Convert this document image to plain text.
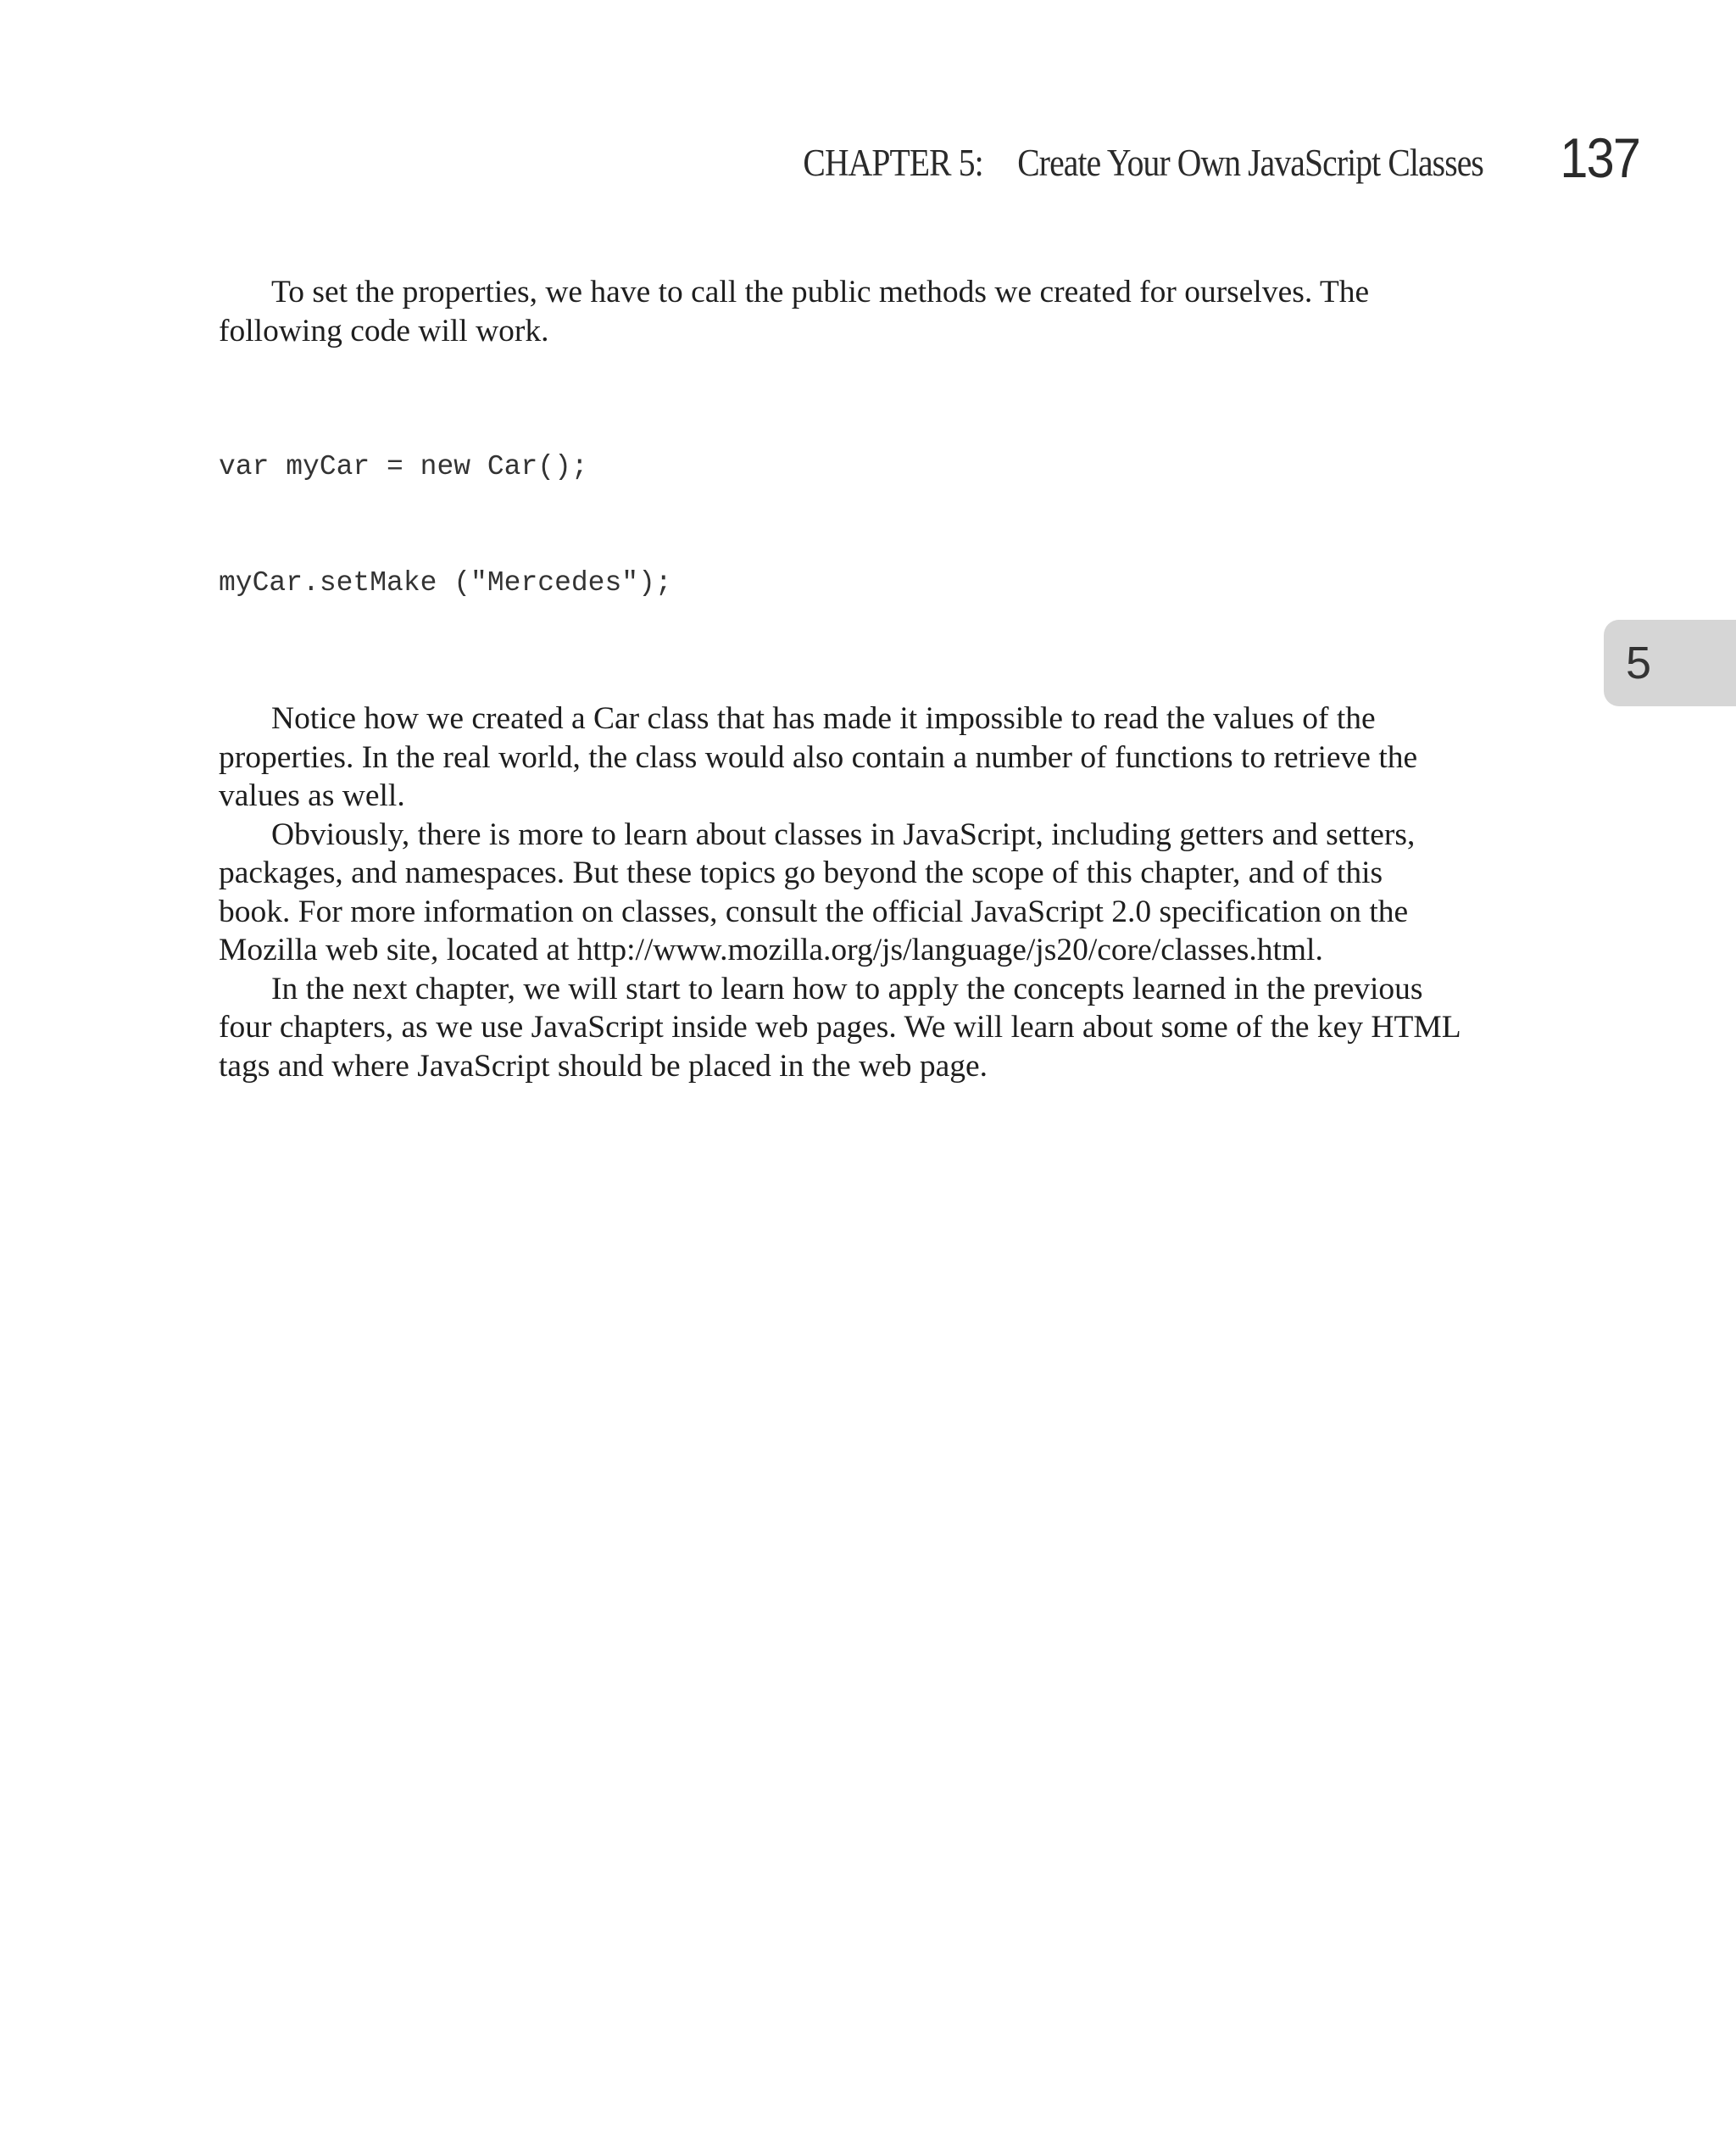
CHAPTER 5: Create Your Own JavaScript Classes 137
5

To set the properties, we have to call the public methods we created for ourselves. The
following code will work.

var myCar = new Car();

myCar.setMake ("Mercedes");

Notice how we created a Car class that has made it impossible to read the values of the
properties. In the real world, the class would also contain a number of functions to retrieve the
values as well.

Obviously, there is more to learn about classes in JavaScript, including getters and setters,
packages, and namespaces. But these topics go beyond the scope of this chapter, and of this
book. For more information on classes, consult the official JavaScript 2.0 specification on the
Mozilla web site, located at http://www.mozilla.org/js/language/js20/core/classes.html.

In the next chapter, we will start to learn how to apply the concepts learned in the previous
four chapters, as we use JavaScript inside web pages. We will learn about some of the key HTML
tags and where JavaScript should be placed in the web page.
